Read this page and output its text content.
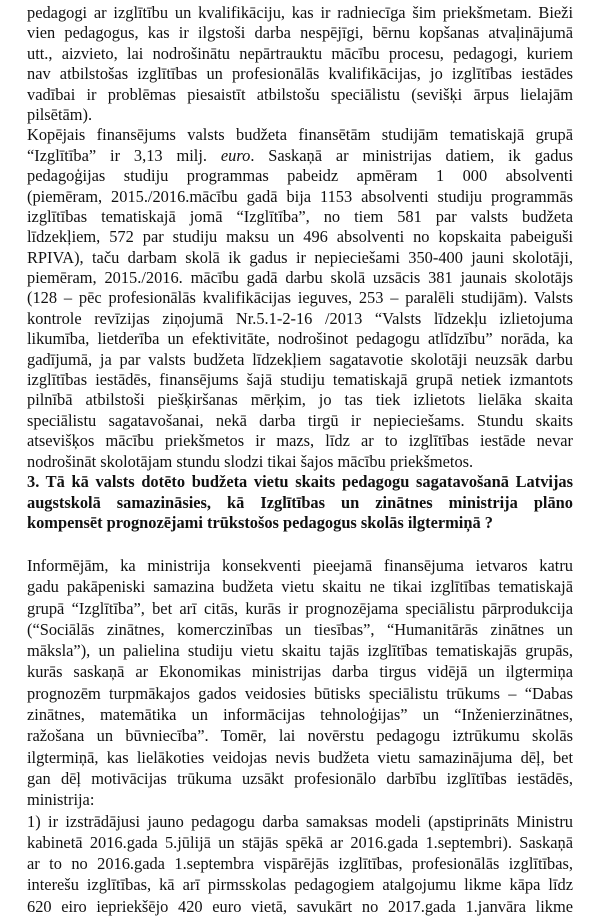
pedagogi ar izglītību un kvalifikāciju, kas ir radniecīga šim priekšmetam. Bieži
vien pedagogus, kas ir ilgstoši darba nespējīgi, bērnu kopšanas atvaļinājumā
utt., aizvieto, lai nodrošinātu nepārtrauktu mācību procesu, pedagogi, kuriem
nav atbilstošas izglītības un profesionālās kvalifikācijas, jo izglītības iestādes
vadībai ir problēmas piesaistīt atbilstošu speciālistu (sevišķi ārpus lielajām
pilsētām).
Kopējais finansējums valsts budžeta finansētām studijām tematiskajā grupā
“Izglītība” ir 3,13 milj. euro. Saskaņā ar ministrijas datiem, ik gadus
pedagoģijas studiju programmas pabeidz apmēram 1 000 absolventi
(piemēram, 2015./2016.mācību gadā bija 1153 absolventi studiju programmās
izglītības tematiskajā jomā “Izglītība”, no tiem 581 par valsts budžeta
līdzekļiem, 572 par studiju maksu un 496 absolventi no kopskaita pabeiguši
RPIVA), taču darbam skolā ik gadus ir nepieciešami 350-400 jauni skolotāji,
piemēram, 2015./2016. mācību gadā darbu skolā uzsācis 381 jaunais skolotājs
(128 – pēc profesionālās kvalifikācijas ieguves, 253 – paralēli studijām). Valsts
kontrole revīzijas ziņojumā Nr.5.1-2-16 /2013 “Valsts līdzekļu izlietojuma
likumība, lietderība un efektivitāte, nodrošinot pedagogu atlīdzību” norāda, ka
gadījumā, ja par valsts budžeta līdzekļiem sagatavotie skolotāji neuzsāk darbu
izglītības iestādēs, finansējums šajā studiju tematiskajā grupā netiek izmantots
pilnībā atbilstoši piešķiršanas mērķim, jo tas tiek izlietots lielāka skaita
speciālistu sagatavošanai, nekā darba tirgū ir nepieciešams. Stundu skaits
atsevišķos mācību priekšmetos ir mazs, līdz ar to izglītības iestāde nevar
nodrošināt skolotājam stundu slodzi tikai šajos mācību priekšmetos.
3. Tā kā valsts dotēto budžeta vietu skaits pedagogu sagatavošanā Latvijas
augstskolā samazināsies, kā Izglītības un zinātnes ministrija plāno
kompensēt prognozējami trūkstošos pedagogus skolās ilgtermiņā ?
Informējām, ka ministrija konsekventi pieejamā finansējuma ietvaros katru
gadu pakāpeniski samazina budžeta vietu skaitu ne tikai izglītības tematiskajā
grupā “Izglītība”, bet arī citās, kurās ir prognozējama speciālistu pārprodukcija
(“Sociālās zinātnes, komerczinības un tiesības”, “Humanitārās zinātnes un
māksla”), un palielina studiju vietu skaitu tajās izglītības tematiskajās grupās,
kurās saskaņā ar Ekonomikas ministrijas darba tirgus vidējā un ilgtermiņa
prognozēm turpmākajos gados veidosies būtisks speciālistu trūkums – “Dabas
zinātnes, matemātika un informācijas tehnoloģijas” un “Inženierzinātnes,
ražošana un būvniecība”. Tomēr, lai novērstu pedagogu iztrūkumu skolās
ilgtermiņā, kas lielākoties veidojas nevis budžeta vietu samazinājuma dēļ, bet
gan dēļ motivācijas trūkuma uzsākt profesionālo darbību izglītības iestādēs,
ministrija:
1) ir izstrādājusi jauno pedagogu darba samaksas modeli (apstiprināts Ministru
kabinetā 2016.gada 5.jūlijā un stājās spēkā ar 2016.gada 1.septembri). Saskaņā
ar to no 2016.gada 1.septembra vispārējās izglītības, profesionālās izglītības,
interešu izglītības, kā arī pirmsskolas pedagogiem atalgojumu likme kāpa līdz
620 eiro iepriekšējo 420 euro vietā, savukārt no 2017.gada 1.janvāra likme
